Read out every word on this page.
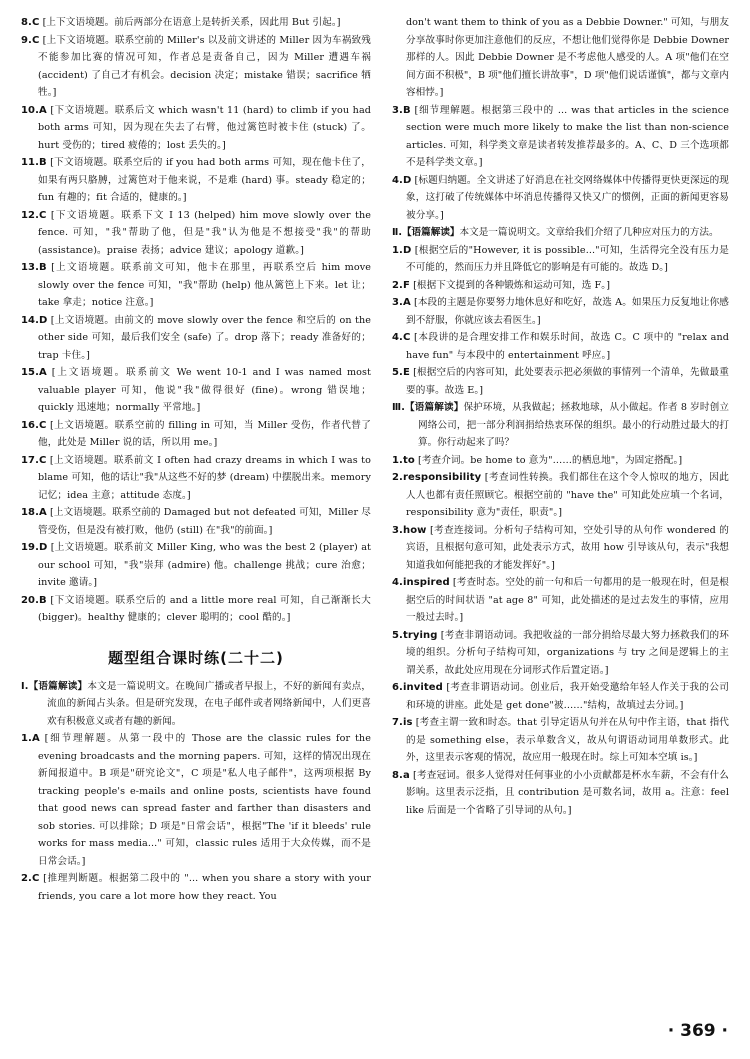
8.C [上下文语境题。前后两部分在语意上是转折关系，因此用 But 引起。]

9.C [上下文语境题。联系空前的 Miller's 以及前文讲述的 Miller 因为车祸致残不能参加比赛的情况可知，作者总是责备自己，因为 Miller 遭遇车祸 (accident) 了自己才有机会。decision 决定；mistake 错误；sacrifice 牺牲。]

10.A [下文语境题。联系后文 which wasn't 11 (hard) to climb if you had both arms 可知，因为现在失去了右臂，他过篱笆时被卡住 (stuck) 了。hurt 受伤的；tired 疲倦的；lost 丢失的。]

11.B [下文语境题。联系空后的 if you had both arms 可知，现在他卡住了，如果有两只胳膊，过篱笆对于他来说，不是难 (hard) 事。steady 稳定的；fun 有趣的；fit 合适的，健康的。]

12.C [下文语境题。联系下文 I 13 (helped) him move slowly over the fence. 可知，"我"帮助了他，但是"我"认为他是不想接受"我"的帮助 (assistance)。praise 表扬；advice 建议；apology 道歉。]

13.B [上文语境题。联系前文可知，他卡在那里，再联系空后 him move slowly over the fence 可知，"我"帮助 (help) 他从篱笆上下来。let 让；take 拿走；notice 注意。]

14.D [上文语境题。由前文的 move slowly over the fence 和空后的 on the other side 可知，最后我们安全 (safe) 了。drop 落下；ready 准备好的；trap 卡住。]

15.A [上文语境题。联系前文 We went 10-1 and I was named most valuable player 可知，他说"我"做得很好 (fine)。wrong 错误地；quickly 迅速地；normally 平常地。]

16.C [上文语境题。联系空前的 filling in 可知，当 Miller 受伤，作者代替了他，此处是 Miller 说的话，所以用 me。]

17.C [上文语境题。联系前文 I often had crazy dreams in which I was to blame 可知，他的话让"我"从这些不好的梦 (dream) 中摆脱出来。memory 记忆；idea 主意；attitude 态度。]

18.A [上文语境题。联系空前的 Damaged but not defeated 可知，Miller 尽管受伤，但是没有被打败，他仍 (still) 在"我"的前面。]

19.D [上文语境题。联系前文 Miller King, who was the best 2 (player) at our school 可知，"我"崇拜 (admire) 他。challenge 挑战；cure 治愈；invite 邀请。]

20.B [下文语境题。联系空后的 and a little more real 可知，自己渐渐长大 (bigger)。healthy 健康的；clever 聪明的；cool 酷的。]

题型组合课时练(二十二)

Ⅰ.【语篇解读】本文是一篇说明文。在晚间广播或者早报上，不好的新闻有卖点，流血的新闻占头条。但是研究发现，在电子邮件或者网络新闻中，人们更喜欢有积极意义或者有趣的新闻。

1.A [细节理解题。从第一段中的 Those are the classic rules for the evening broadcasts and the morning papers. 可知，这样的情况出现在新闻报道中。B 项是"研究论文"，C 项是"私人电子邮件"，这两项根据 By tracking people's e-mails and online posts, scientists have found that good news can spread faster and farther than disasters and sob stories. 可以排除；D 项是"日常会话"，根据"The 'if it bleeds' rule works for mass media..." 可知，classic rules 适用于大众传媒，而不是日常会话。]

2.C [推理判断题。根据第二段中的 "... when you share a story with your friends, you care a lot more how they react. You

don't want them to think of you as a Debbie Downer." 可知，与朋友分享故事时你更加注意他们的反应，不想让他们觉得你是 Debbie Downer 那样的人。因此 Debbie Downer 是不考虑他人感受的人。A 项"他们在空间方面不积极"，B 项"他们擅长讲故事"，D 项"他们说话谨慎"，都与文章内容相悖。]

3.B [细节理解题。根据第三段中的 ... was that articles in the science section were much more likely to make the list than non-science articles. 可知，科学类文章是读者转发推荐最多的。A、C、D 三个选项都不是科学类文章。]

4.D [标题归纳题。全文讲述了好消息在社交网络媒体中传播得更快更深远的现象，这打破了传统媒体中坏消息传播得又快又广的惯例，正面的新闻更容易被分享。]

Ⅱ.【语篇解读】本文是一篇说明文。文章给我们介绍了几种应对压力的方法。

1.D [根据空后的"However, it is possible..."可知，生活得完全没有压力是不可能的，然而压力并且降低它的影响是有可能的。故选 D。]

2.F [根据下文提到的各种锻炼和运动可知，选 F。]

3.A [本段的主题是你要努力地休息好和吃好，故选 A。如果压力反复地让你感到不舒服，你就应该去看医生。]

4.C [本段讲的是合理安排工作和娱乐时间，故选 C。C 项中的 "relax and have fun" 与本段中的 entertainment 呼应。]

5.E [根据空后的内容可知，此处要表示把必须做的事情列一个清单，先做最重要的事。故选 E。]

Ⅲ.【语篇解读】保护环境，从我做起；拯救地球，从小做起。作者 8 岁时创立网络公司，把一部分利润捐给热衷环保的组织。最小的行动胜过最大的打算。你行动起来了吗？

1.to [考查介词。be home to 意为"……的栖息地"，为固定搭配。]

2.responsibility [考查词性转换。我们都住在这个令人惊叹的地方，因此人人也都有责任照顾它。根据空前的 "have the" 可知此处应填一个名词，responsibility 意为"责任，职责"。]

3.how [考查连接词。分析句子结构可知，空处引导的从句作 wondered 的宾语，且根据句意可知，此处表示方式，故用 how 引导该从句，表示"我想知道我如何能把我的才能发挥好"。]

4.inspired [考查时态。空处的前一句和后一句都用的是一般现在时，但是根据空后的时间状语 "at age 8" 可知，此处描述的是过去发生的事情，应用一般过去时。]

5.trying [考查非谓语动词。我把收益的一部分捐给尽最大努力拯救我们的环境的组织。分析句子结构可知，organizations 与 try 之间是逻辑上的主谓关系，故此处应用现在分词形式作后置定语。]

6.invited [考查非谓语动词。创业后，我开始受邀给年轻人作关于我的公司和环境的讲座。此处是 get done"被……"结构，故填过去分词。]

7.is [考查主谓一致和时态。that 引导定语从句并在从句中作主语，that 指代的是 something else，表示单数含义，故从句谓语动词用单数形式。此外，这里表示客观的情况，故应用一般现在时。综上可知本空填 is。]

8.a [考查冠词。很多人觉得对任何事业的小小贡献都是杯水车薪，不会有什么影响。这里表示泛指，且 contribution 是可数名词，故用 a。注意：feel like 后面是一个省略了引导词的从句。]

· 369 ·
